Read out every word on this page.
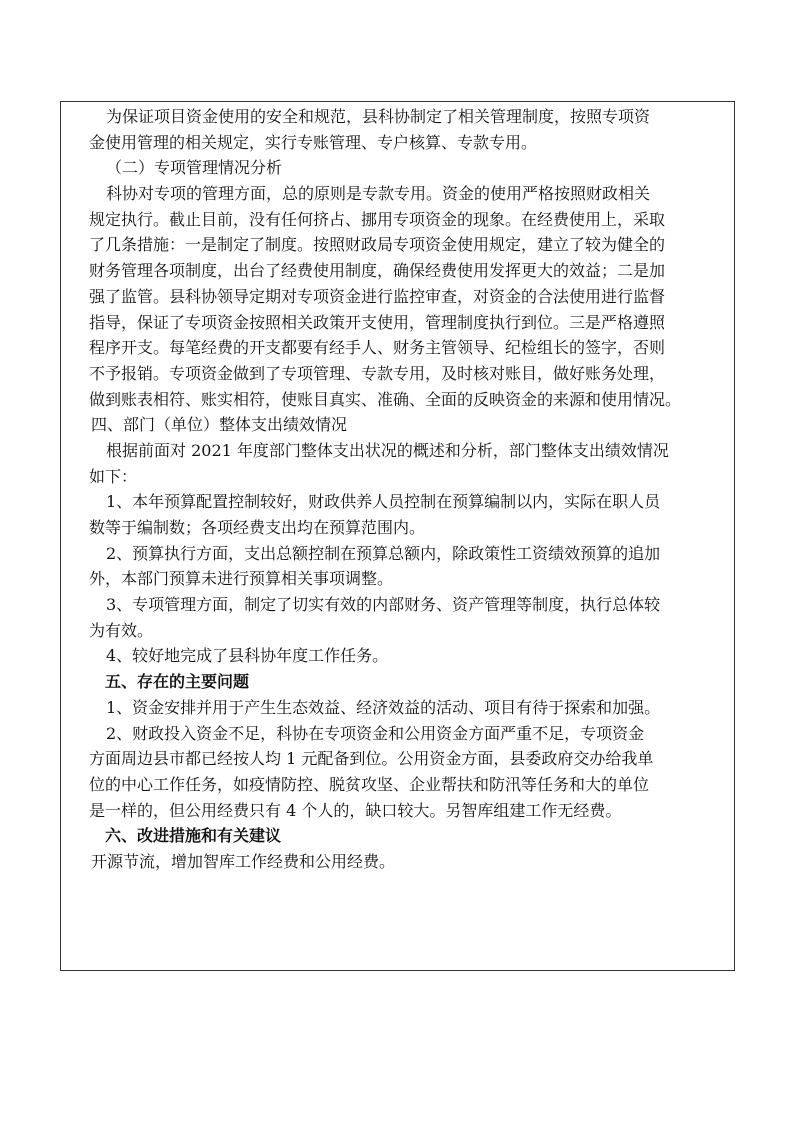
为保证项目资金使用的安全和规范，县科协制定了相关管理制度，按照专项资
金使用管理的相关规定，实行专账管理、专户核算、专款专用。
（二）专项管理情况分析
科协对专项的管理方面，总的原则是专款专用。资金的使用严格按照财政相关
规定执行。截止目前，没有任何挤占、挪用专项资金的现象。在经费使用上，采取
了几条措施：一是制定了制度。按照财政局专项资金使用规定，建立了较为健全的
财务管理各项制度，出台了经费使用制度，确保经费使用发挥更大的效益；二是加
强了监管。县科协领导定期对专项资金进行监控审查，对资金的合法使用进行监督
指导，保证了专项资金按照相关政策开支使用，管理制度执行到位。三是严格遵照
程序开支。每笔经费的开支都要有经手人、财务主管领导、纪检组长的签字，否则
不予报销。专项资金做到了专项管理、专款专用，及时核对账目，做好账务处理，
做到账表相符、账实相符，使账目真实、准确、全面的反映资金的来源和使用情况。
四、部门（单位）整体支出绩效情况
根据前面对 2021 年度部门整体支出状况的概述和分析，部门整体支出绩效情况
如下：
1、本年预算配置控制较好，财政供养人员控制在预算编制以内，实际在职人员
数等于编制数；各项经费支出均在预算范围内。
2、预算执行方面，支出总额控制在预算总额内，除政策性工资绩效预算的追加
外，本部门预算未进行预算相关事项调整。
3、专项管理方面，制定了切实有效的内部财务、资产管理等制度，执行总体较
为有效。
4、较好地完成了县科协年度工作任务。
五、存在的主要问题
1、资金安排并用于产生生态效益、经济效益的活动、项目有待于探索和加强。
2、财政投入资金不足，科协在专项资金和公用资金方面严重不足，专项资金
方面周边县市都已经按人均 1 元配备到位。公用资金方面，县委政府交办给我单
位的中心工作任务，如疫情防控、脱贫攻坚、企业帮扶和防汛等任务和大的单位
是一样的，但公用经费只有 4 个人的，缺口较大。另智库组建工作无经费。
六、改进措施和有关建议
开源节流，增加智库工作经费和公用经费。
